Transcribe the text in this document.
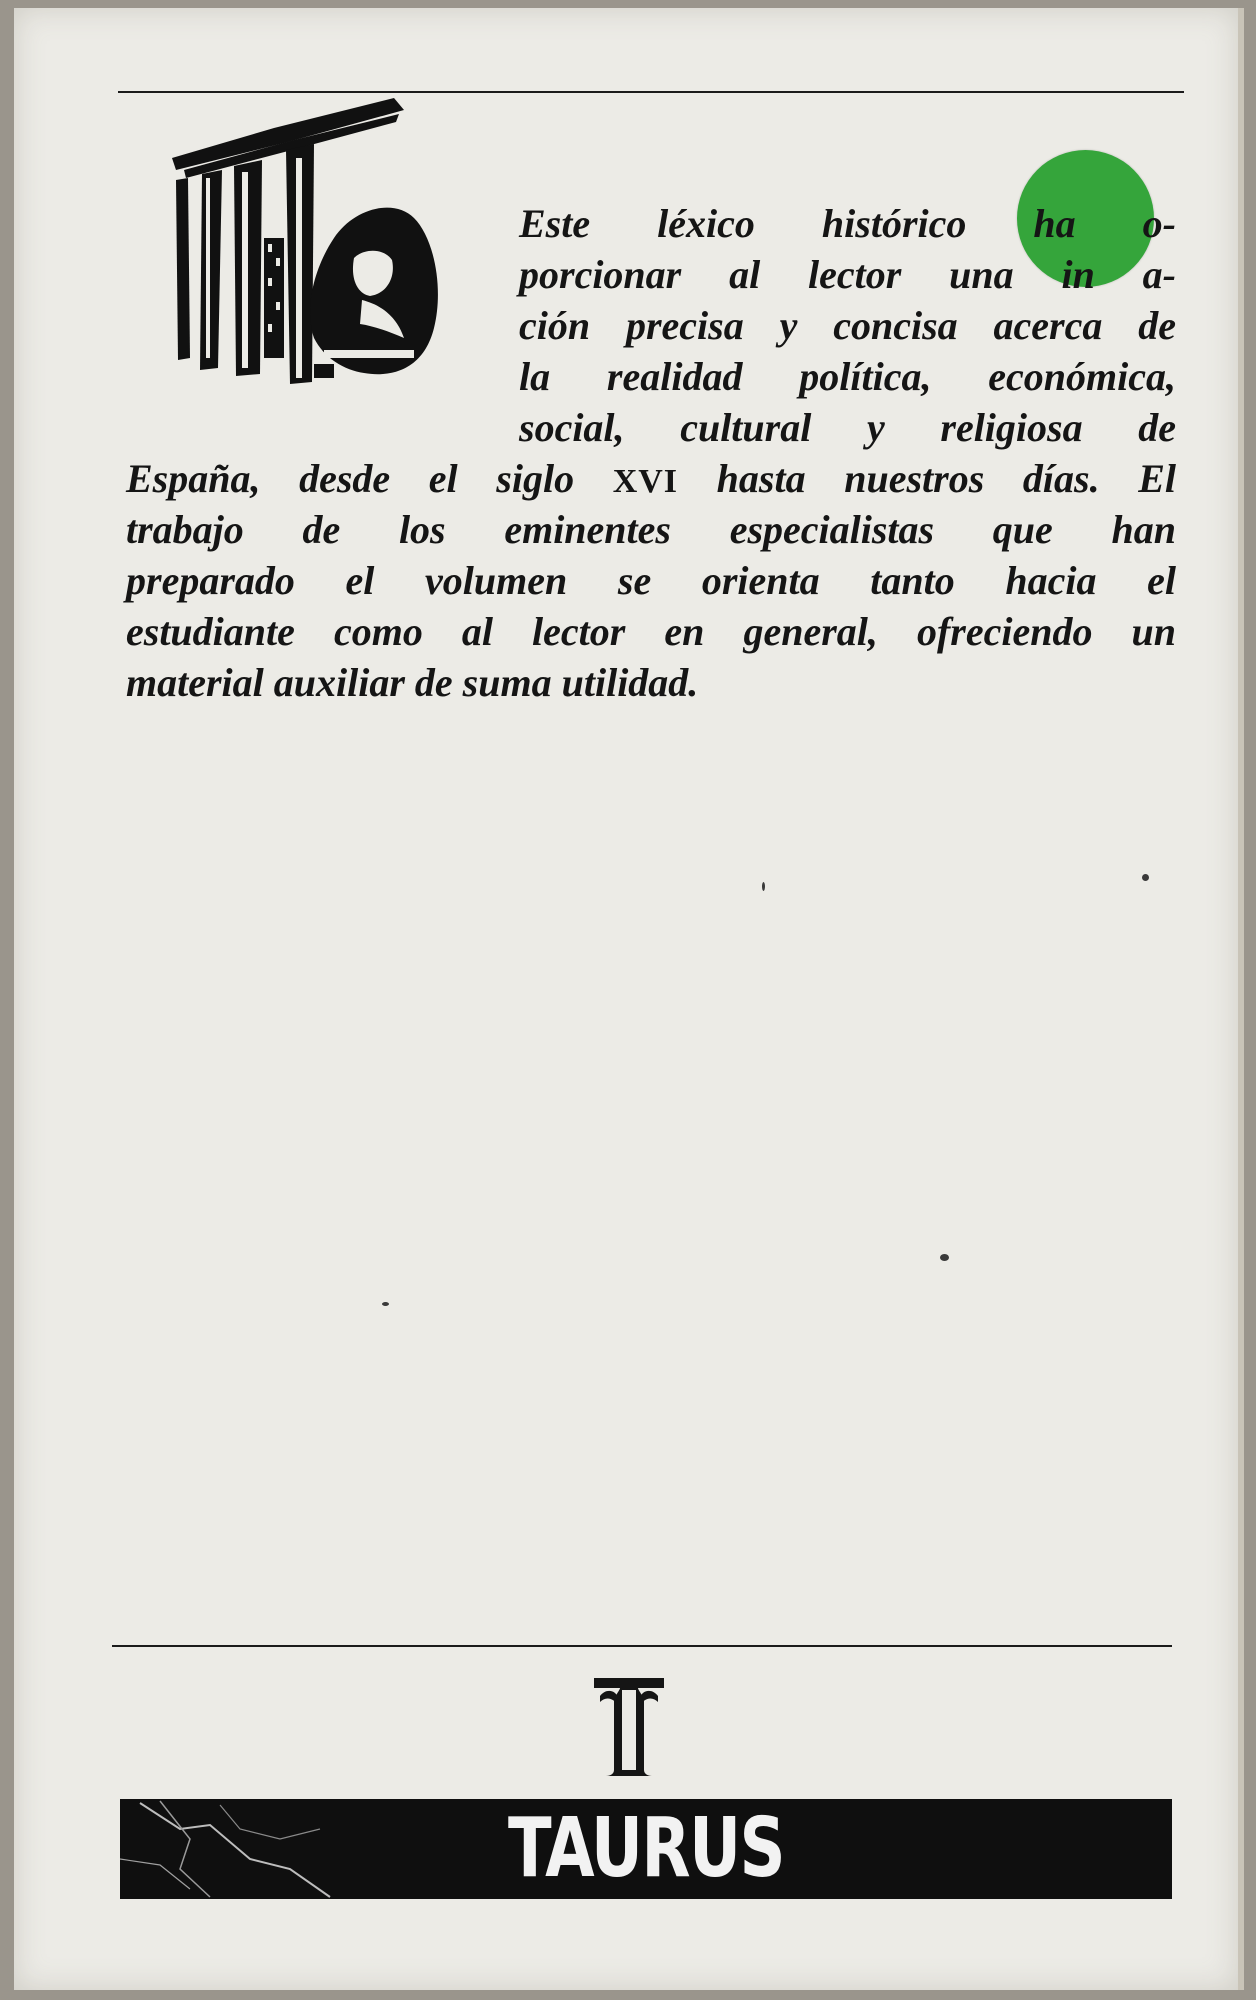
Este léxico histórico ha o-
porcionar al lector una in a-
ción precisa y concisa acerca de
la realidad política, económica,
social, cultural y religiosa de
España, desde el siglo XVI hasta nuestros días. El
trabajo de los eminentes especialistas que han
preparado el volumen se orienta tanto hacia el
estudiante como al lector en general, ofreciendo un
material auxiliar de suma utilidad.

TAURUS
